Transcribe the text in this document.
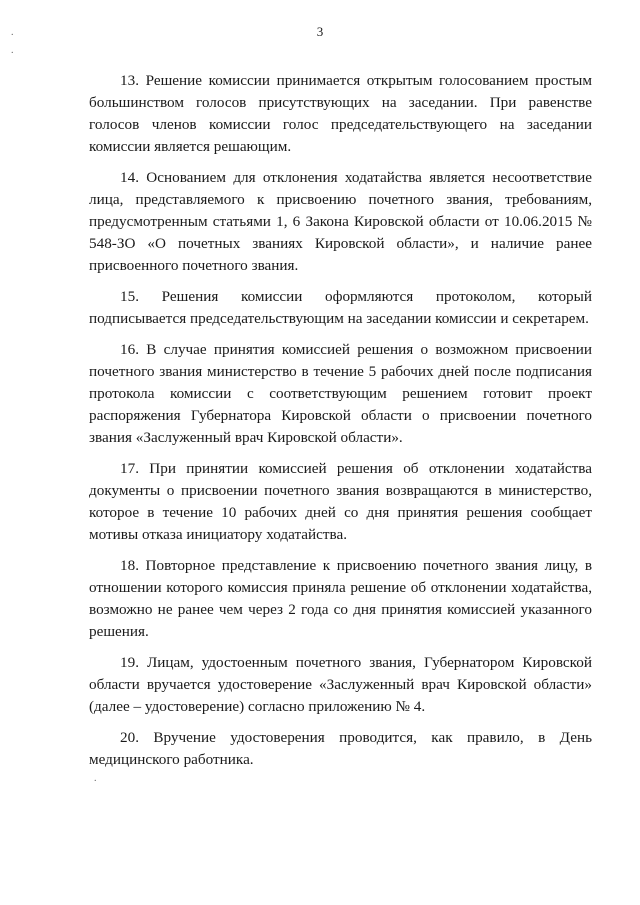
3
.
.
.

13. Решение комиссии принимается открытым голосованием простым большинством голосов присутствующих на заседании. При равенстве голосов членов комиссии голос председательствующего на заседании комиссии является решающим.

14. Основанием для отклонения ходатайства является несоответствие лица, представляемого к присвоению почетного звания, требованиям, предусмотренным статьями 1, 6 Закона Кировской области от 10.06.2015 № 548-ЗО «О почетных званиях Кировской области», и наличие ранее присвоенного почетного звания.

15. Решения комиссии оформляются протоколом, который подписывается председательствующим на заседании комиссии и секретарем.

16. В случае принятия комиссией решения о возможном присвоении почетного звания министерство в течение 5 рабочих дней после подписания протокола комиссии с соответствующим решением готовит проект распоряжения Губернатора Кировской области о присвоении почетного звания «Заслуженный врач Кировской области».

17. При принятии комиссией решения об отклонении ходатайства документы о присвоении почетного звания возвращаются в министерство, которое в течение 10 рабочих дней со дня принятия решения сообщает мотивы отказа инициатору ходатайства.

18. Повторное представление к присвоению почетного звания лицу, в отношении которого комиссия приняла решение об отклонении ходатайства, возможно не ранее чем через 2 года со дня принятия комиссией указанного решения.

19. Лицам, удостоенным почетного звания, Губернатором Кировской области вручается удостоверение «Заслуженный врач Кировской области» (далее – удостоверение) согласно приложению № 4.

20. Вручение удостоверения проводится, как правило, в День медицинского работника.
